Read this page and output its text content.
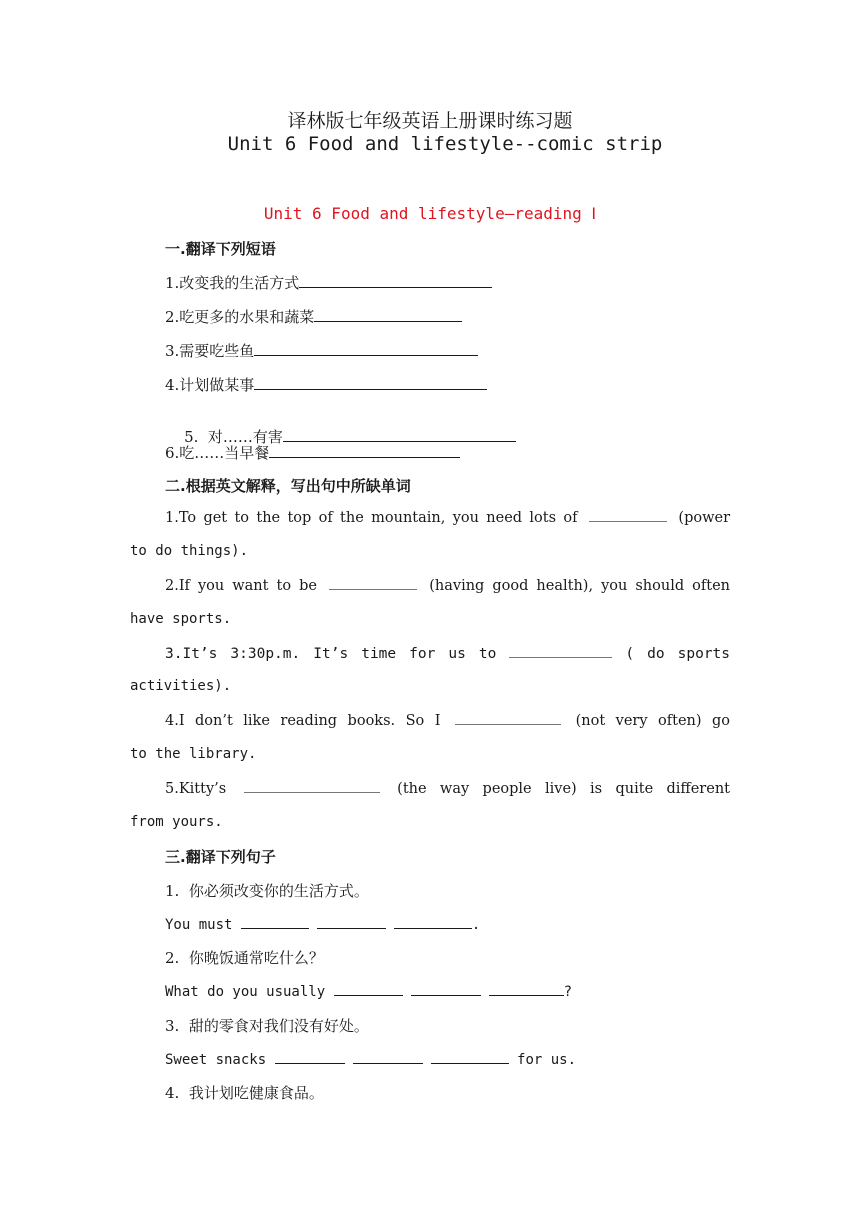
译林版七年级英语上册课时练习题
Unit 6 Food and lifestyle--comic strip
Unit 6 Food and lifestyle—reading Ⅰ
一.翻译下列短语
1.改变我的生活方式
2.吃更多的水果和蔬菜
3.需要吃些鱼
4.计划做某事

5.  对……有害

6.吃……当早餐
二.根据英文解释，写出句中所缺单词
1.To get to the top of the mountain, you need lots of	(power
to do things).
2.If you want to be	(having good health), you should often
have sports.
3.It’s 3:30p.m. It’s time for us to	( do sports
activities).
4.I don’t like reading books. So I	(not very often) go
to the library.
5.Kitty’s	(the way people live) is quite different
from yours.
三.翻译下列句子
1.  你必须改变你的生活方式。
You must	.
2.  你晚饭通常吃什么？
What do you usually	?
3.  甜的零食对我们没有好处。
Sweet snacks	for us.
4.  我计划吃健康食品。
